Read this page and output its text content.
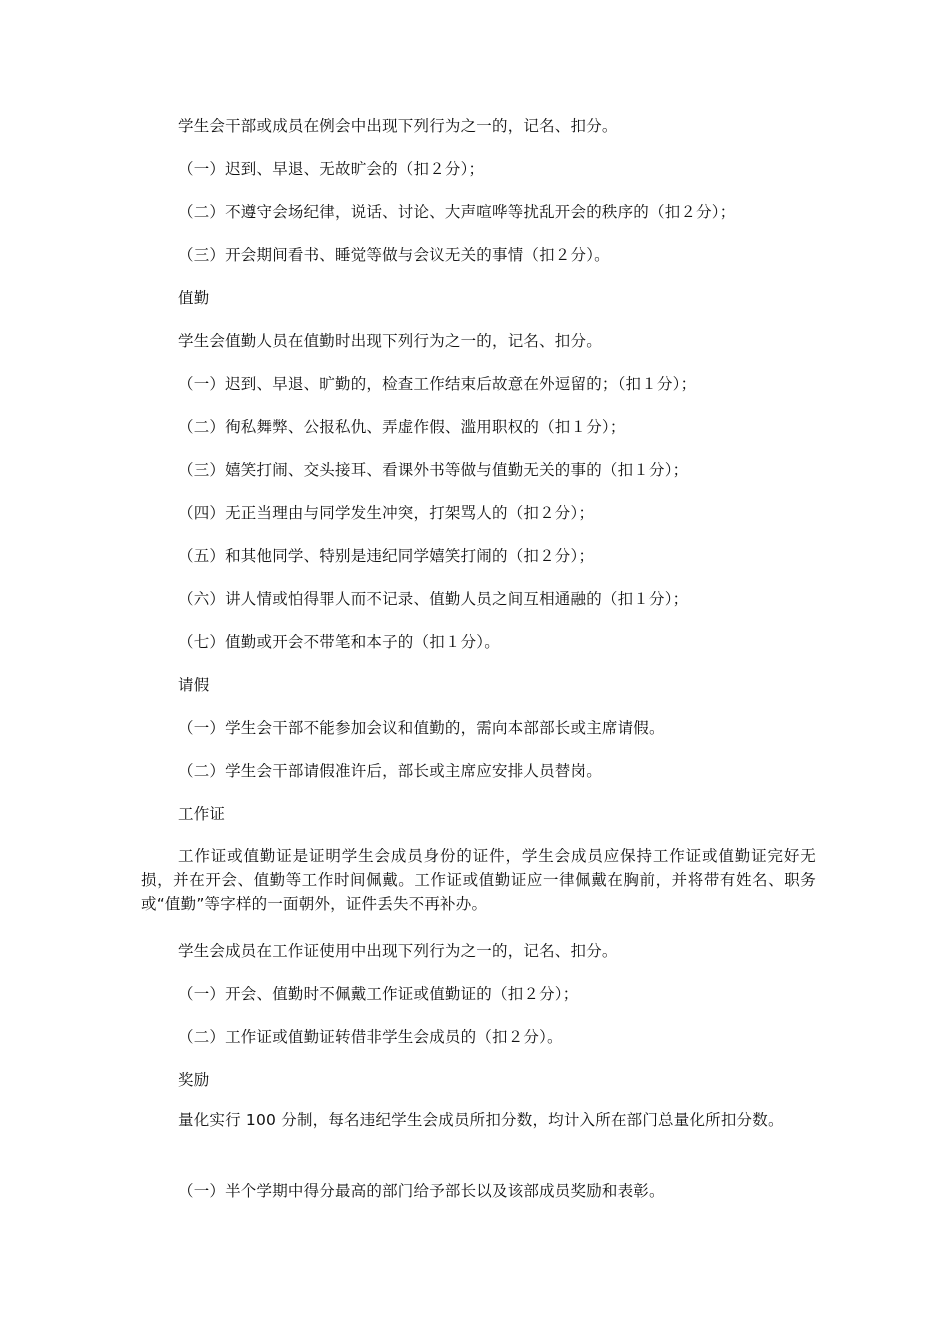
学生会干部或成员在例会中出现下列行为之一的，记名、扣分。
（一）迟到、早退、无故旷会的（扣２分）；
（二）不遵守会场纪律，说话、讨论、大声喧哗等扰乱开会的秩序的（扣２分）；
（三）开会期间看书、睡觉等做与会议无关的事情（扣２分）。
值勤
学生会值勤人员在值勤时出现下列行为之一的，记名、扣分。
（一）迟到、早退、旷勤的，检查工作结束后故意在外逗留的；（扣１分）；
（二）徇私舞弊、公报私仇、弄虚作假、滥用职权的（扣１分）；
（三）嬉笑打闹、交头接耳、看课外书等做与值勤无关的事的（扣１分）；
（四）无正当理由与同学发生冲突，打架骂人的（扣２分）；
（五）和其他同学、特别是违纪同学嬉笑打闹的（扣２分）；
（六）讲人情或怕得罪人而不记录、值勤人员之间互相通融的（扣１分）；
（七）值勤或开会不带笔和本子的（扣１分）。
请假
（一）学生会干部不能参加会议和值勤的，需向本部部长或主席请假。
（二）学生会干部请假准许后，部长或主席应安排人员替岗。
工作证
工作证或值勤证是证明学生会成员身份的证件，学生会成员应保持工作证或值勤证完好无损，并在开会、值勤等工作时间佩戴。工作证或值勤证应一律佩戴在胸前，并将带有姓名、职务或“值勤”等字样的一面朝外，证件丢失不再补办。
学生会成员在工作证使用中出现下列行为之一的，记名、扣分。
（一）开会、值勤时不佩戴工作证或值勤证的（扣２分）；
（二）工作证或值勤证转借非学生会成员的（扣２分）。
奖励
量化实行 100 分制，每名违纪学生会成员所扣分数，均计入所在部门总量化所扣分数。
（一）半个学期中得分最高的部门给予部长以及该部成员奖励和表彰。
